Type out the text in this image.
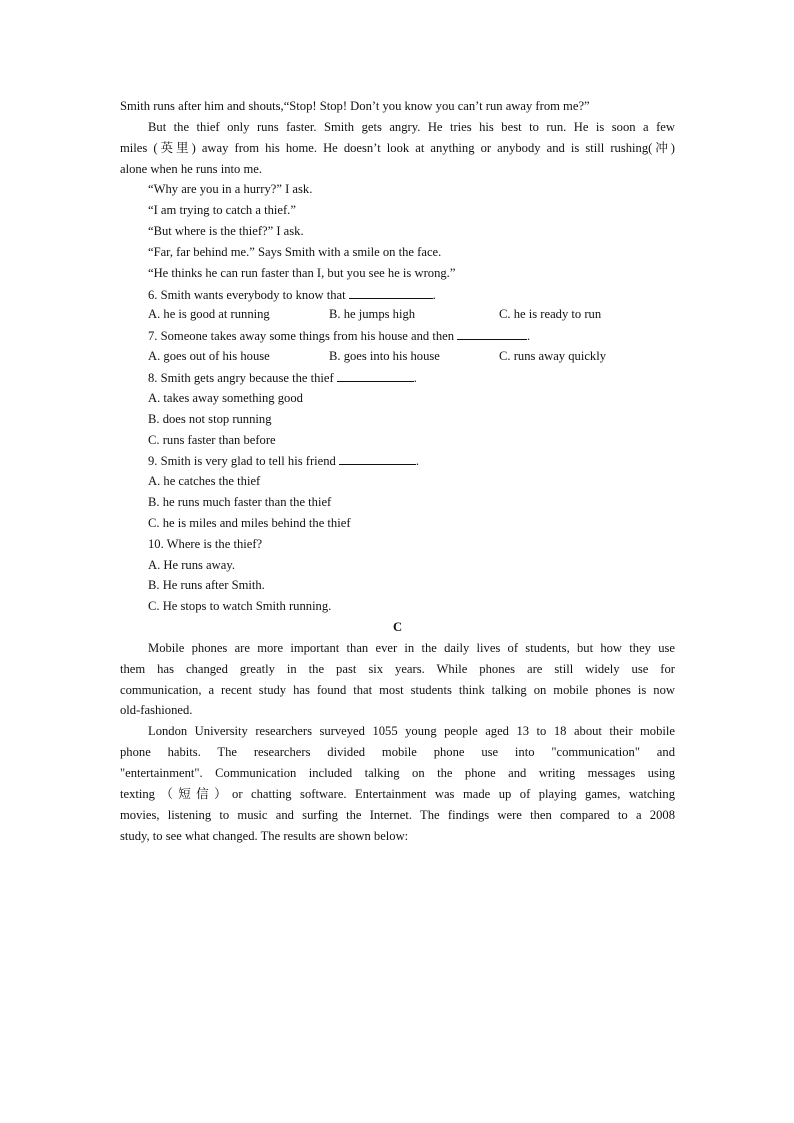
Smith runs after him and shouts,“Stop! Stop! Don’t you know you can’t run away from me?”
But the thief only runs faster. Smith gets angry. He tries his best to run. He is soon a few
miles (英里) away from his home. He doesn’t look at anything or anybody and is still rushing(冲)
alone when he runs into me.
“Why are you in a hurry?” I ask.
“I am trying to catch a thief.”
“But where is the thief?” I ask.
“Far, far behind me.” Says Smith with a smile on the face.
“He thinks he can run faster than I, but you see he is wrong.”
6. Smith wants everybody to know that	.
A. he is good at running	B. he jumps high	C. he is ready to run
7. Someone takes away some things from his house and then	.
A. goes out of his house	B. goes into his house	C. runs away quickly
8. Smith gets angry because the thief	.
A. takes away something good
B. does not stop running
C. runs faster than before
9. Smith is very glad to tell his friend	.
A. he catches the thief
B. he runs much faster than the thief
C. he is miles and miles behind the thief
10. Where is the thief?
A. He runs away.
B. He runs after Smith.
C. He stops to watch Smith running.
C
Mobile phones are more important than ever in the daily lives of students, but how they use
them has changed greatly in the past six years. While phones are still widely use for
communication, a recent study has found that most students think talking on mobile phones is now
old-fashioned.
London University researchers surveyed 1055 young people aged 13 to 18 about their mobile
phone habits. The researchers divided mobile phone use into "communication" and
"entertainment". Communication included talking on the phone and writing messages using
texting（短信）or chatting software. Entertainment was made up of playing games, watching
movies, listening to music and surfing the Internet. The findings were then compared to a 2008
study, to see what changed. The results are shown below:
